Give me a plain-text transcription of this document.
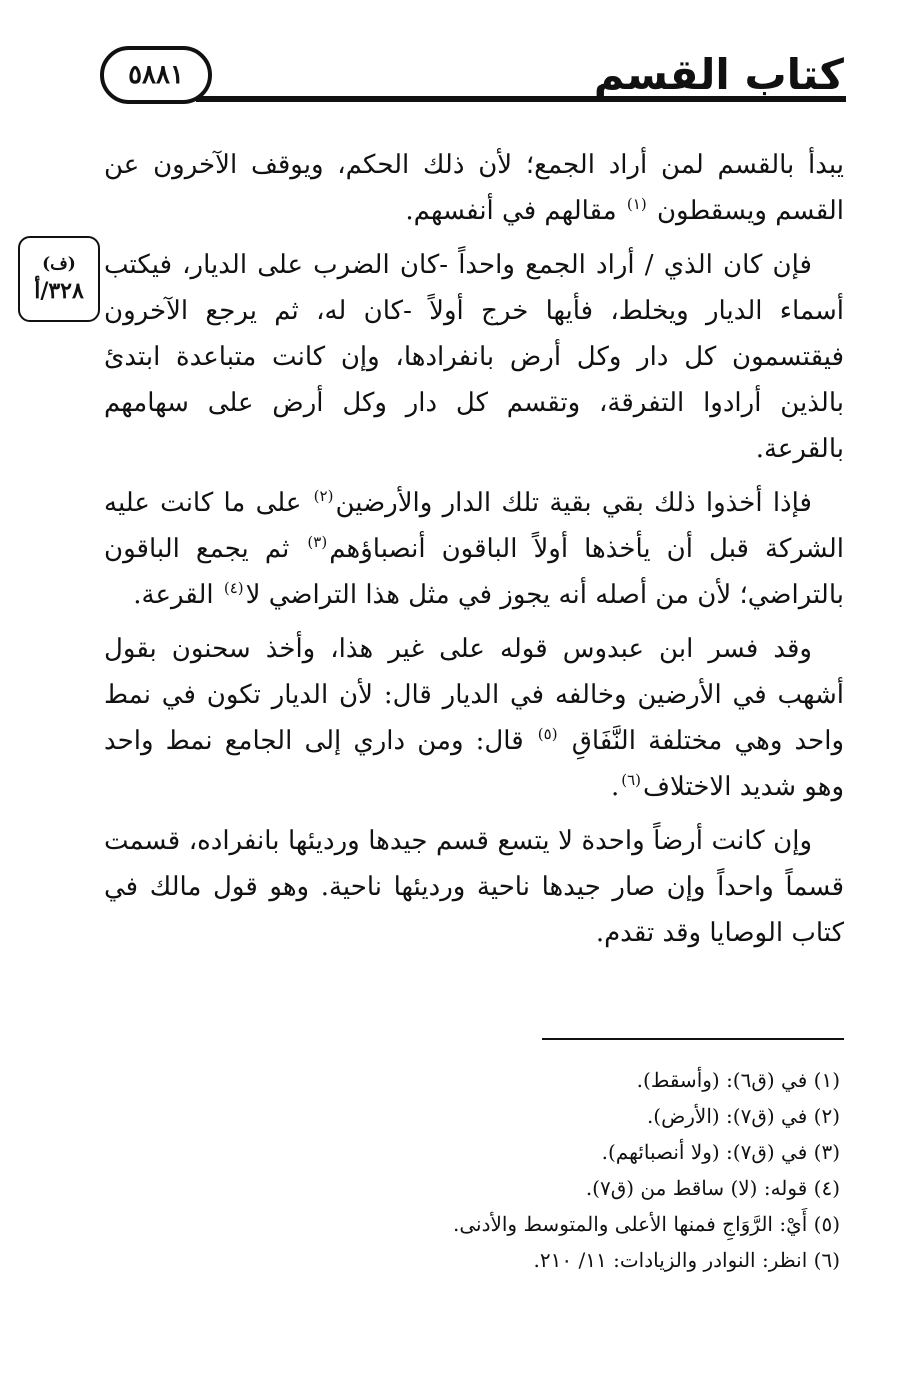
٥٨٨١	كتاب القسم
(ف)
٣٢٨/أ

يبدأ بالقسم لمن أراد الجمع؛ لأن ذلك الحكم، ويوقف الآخرون عن القسم ويسقطون $^{(١)}$ مقالهم في أنفسهم.

فإن كان الذي / أراد الجمع واحداً -كان الضرب على الديار، فيكتب أسماء الديار ويخلط، فأيها خرج أولاً -كان له، ثم يرجع الآخرون فيقتسمون كل دار وكل أرض بانفرادها، وإن كانت متباعدة ابتدئ بالذين أرادوا التفرقة، وتقسم كل دار وكل أرض على سهامهم بالقرعة.

فإذا أخذوا ذلك بقي بقية تلك الدار والأرضين$^{(٢)}$ على ما كانت عليه الشركة قبل أن يأخذها أولاً الباقون أنصباؤهم$^{(٣)}$ ثم يجمع الباقون بالتراضي؛ لأن من أصله أنه يجوز في مثل هذا التراضي لا$^{(٤)}$ القرعة.

وقد فسر ابن عبدوس قوله على غير هذا، وأخذ سحنون بقول أشهب في الأرضين وخالفه في الديار قال: لأن الديار تكون في نمط واحد وهي مختلفة النَّفَاقِ $^{(٥)}$ قال: ومن داري إلى الجامع نمط واحد وهو شديد الاختلاف$^{(٦)}$.

وإن كانت أرضاً واحدة لا يتسع قسم جيدها ورديئها بانفراده، قسمت قسماً واحداً وإن صار جيدها ناحية ورديئها ناحية. وهو قول مالك في كتاب الوصايا وقد تقدم.

(١) في (ق٦): (وأسقط).
(٢) في (ق٧): (الأرض).
(٣) في (ق٧): (ولا أنصبائهم).
(٤) قوله: (لا) ساقط من (ق٧).
(٥) أَيْ: الرَّوَاجِ فمنها الأعلى والمتوسط والأدنى.
(٦) انظر: النوادر والزيادات: ١١/ ٢١٠.
